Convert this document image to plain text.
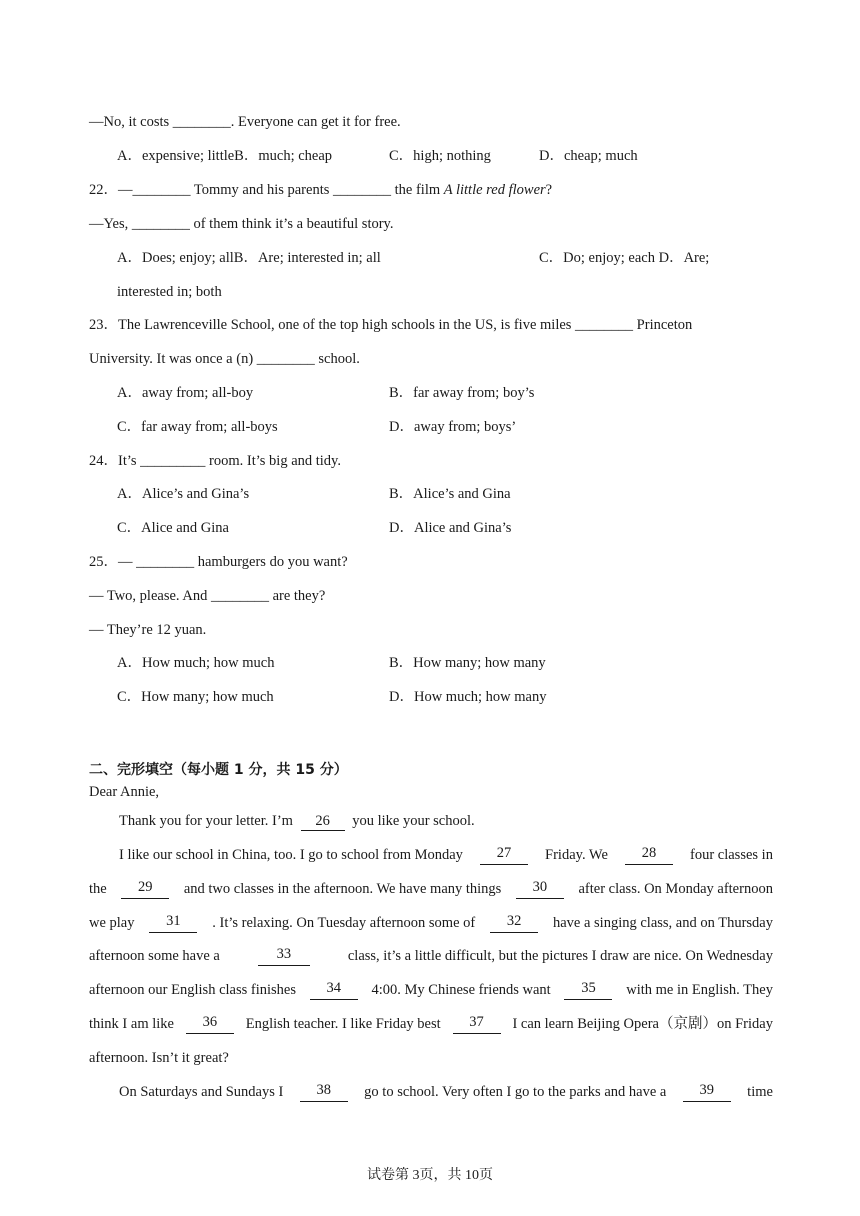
—No, it costs ________. Everyone can get it for free.
A．expensive; littleB．much; cheap	C．high; nothing	D．cheap; much
22．—________ Tommy and his parents ________ the film A little red flower?
—Yes, ________ of them think it’s a beautiful story.
A．Does; enjoy; allB．Are; interested in; all	C．Do; enjoy; each D．Are;
interested in; both
23．The Lawrenceville School, one of the top high schools in the US, is five miles ________ Princeton
University. It was once a (n) ________ school.
A．away from; all-boy	B．far away from; boy’s
C．far away from; all-boys	D．away from; boys’
24．It’s _________ room. It’s big and tidy.
A．Alice’s and Gina’s	B．Alice’s and Gina
C．Alice and Gina	D．Alice and Gina’s
25．— ________ hamburgers do you want?
— Two, please. And ________ are they?
— They’re 12 yuan.
A．How much; how much	B．How many; how many
C．How many; how much	D．How much; how many
二、完形填空（每小题 1 分，共 15 分）
Dear Annie,
Thank you for your letter. I’m 26 you like your school.
I like our school in China, too. I go to school from Monday	27	Friday. We	28	four classes in
the	29	and two classes in the afternoon. We have many things	30	after class. On Monday afternoon
we play	31	. It’s relaxing. On Tuesday afternoon some of	32	have a singing class, and on Thursday
afternoon some have a	33	class, it’s a little difficult, but the pictures I draw are nice. On Wednesday
afternoon our English class finishes	34	4:00. My Chinese friends want	35	with me in English. They
think I am like	36	English teacher. I like Friday best	37	I can learn Beijing Opera（京剧）on Friday
afternoon. Isn’t it great?
On Saturdays and Sundays I	38	go to school. Very often I go to the parks and have a	39	time
试卷第 3页，共 10页
